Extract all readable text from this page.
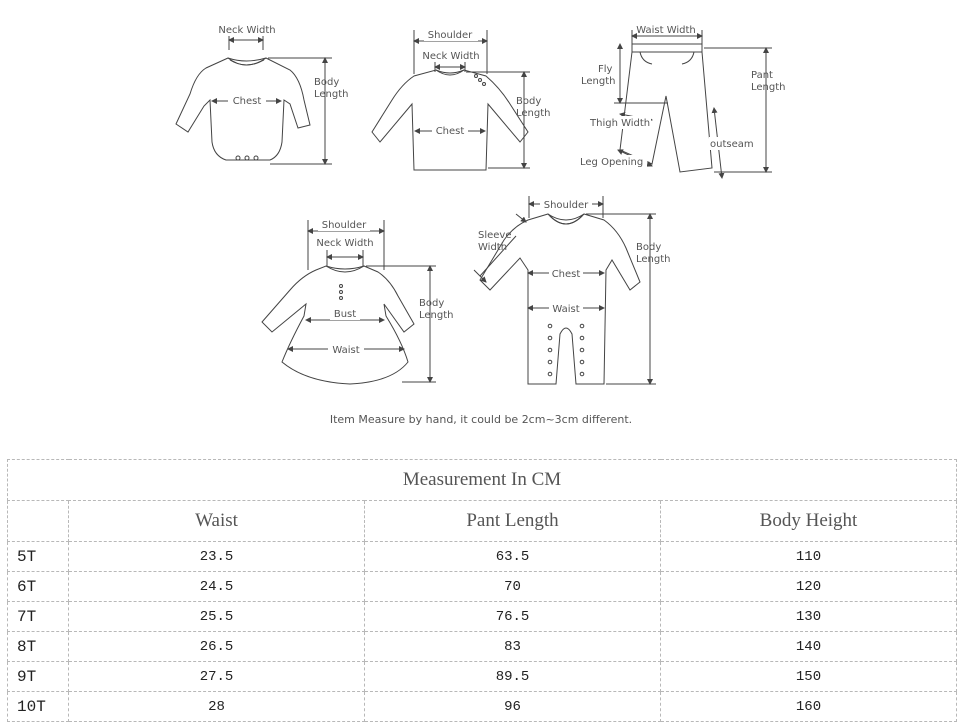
Neck Width
Chest
Body
Length
Shoulder
Neck Width
Chest
Body
Length
Waist Width
Fly
Length
Pant
Length
Thigh Width
outseam
Leg Opening
Shoulder
Neck Width
Bust
Waist
Body
Length
Shoulder
Sleeve
Width
Chest
Waist
Body
Length
Item Measure by hand, it could be 2cm~3cm different.
Measurement In CM			
	Waist	Pant Length	Body Height
5T	23.5	63.5	110
6T	24.5	70	120
7T	25.5	76.5	130
8T	26.5	83	140
9T	27.5	89.5	150
10T	28	96	160
